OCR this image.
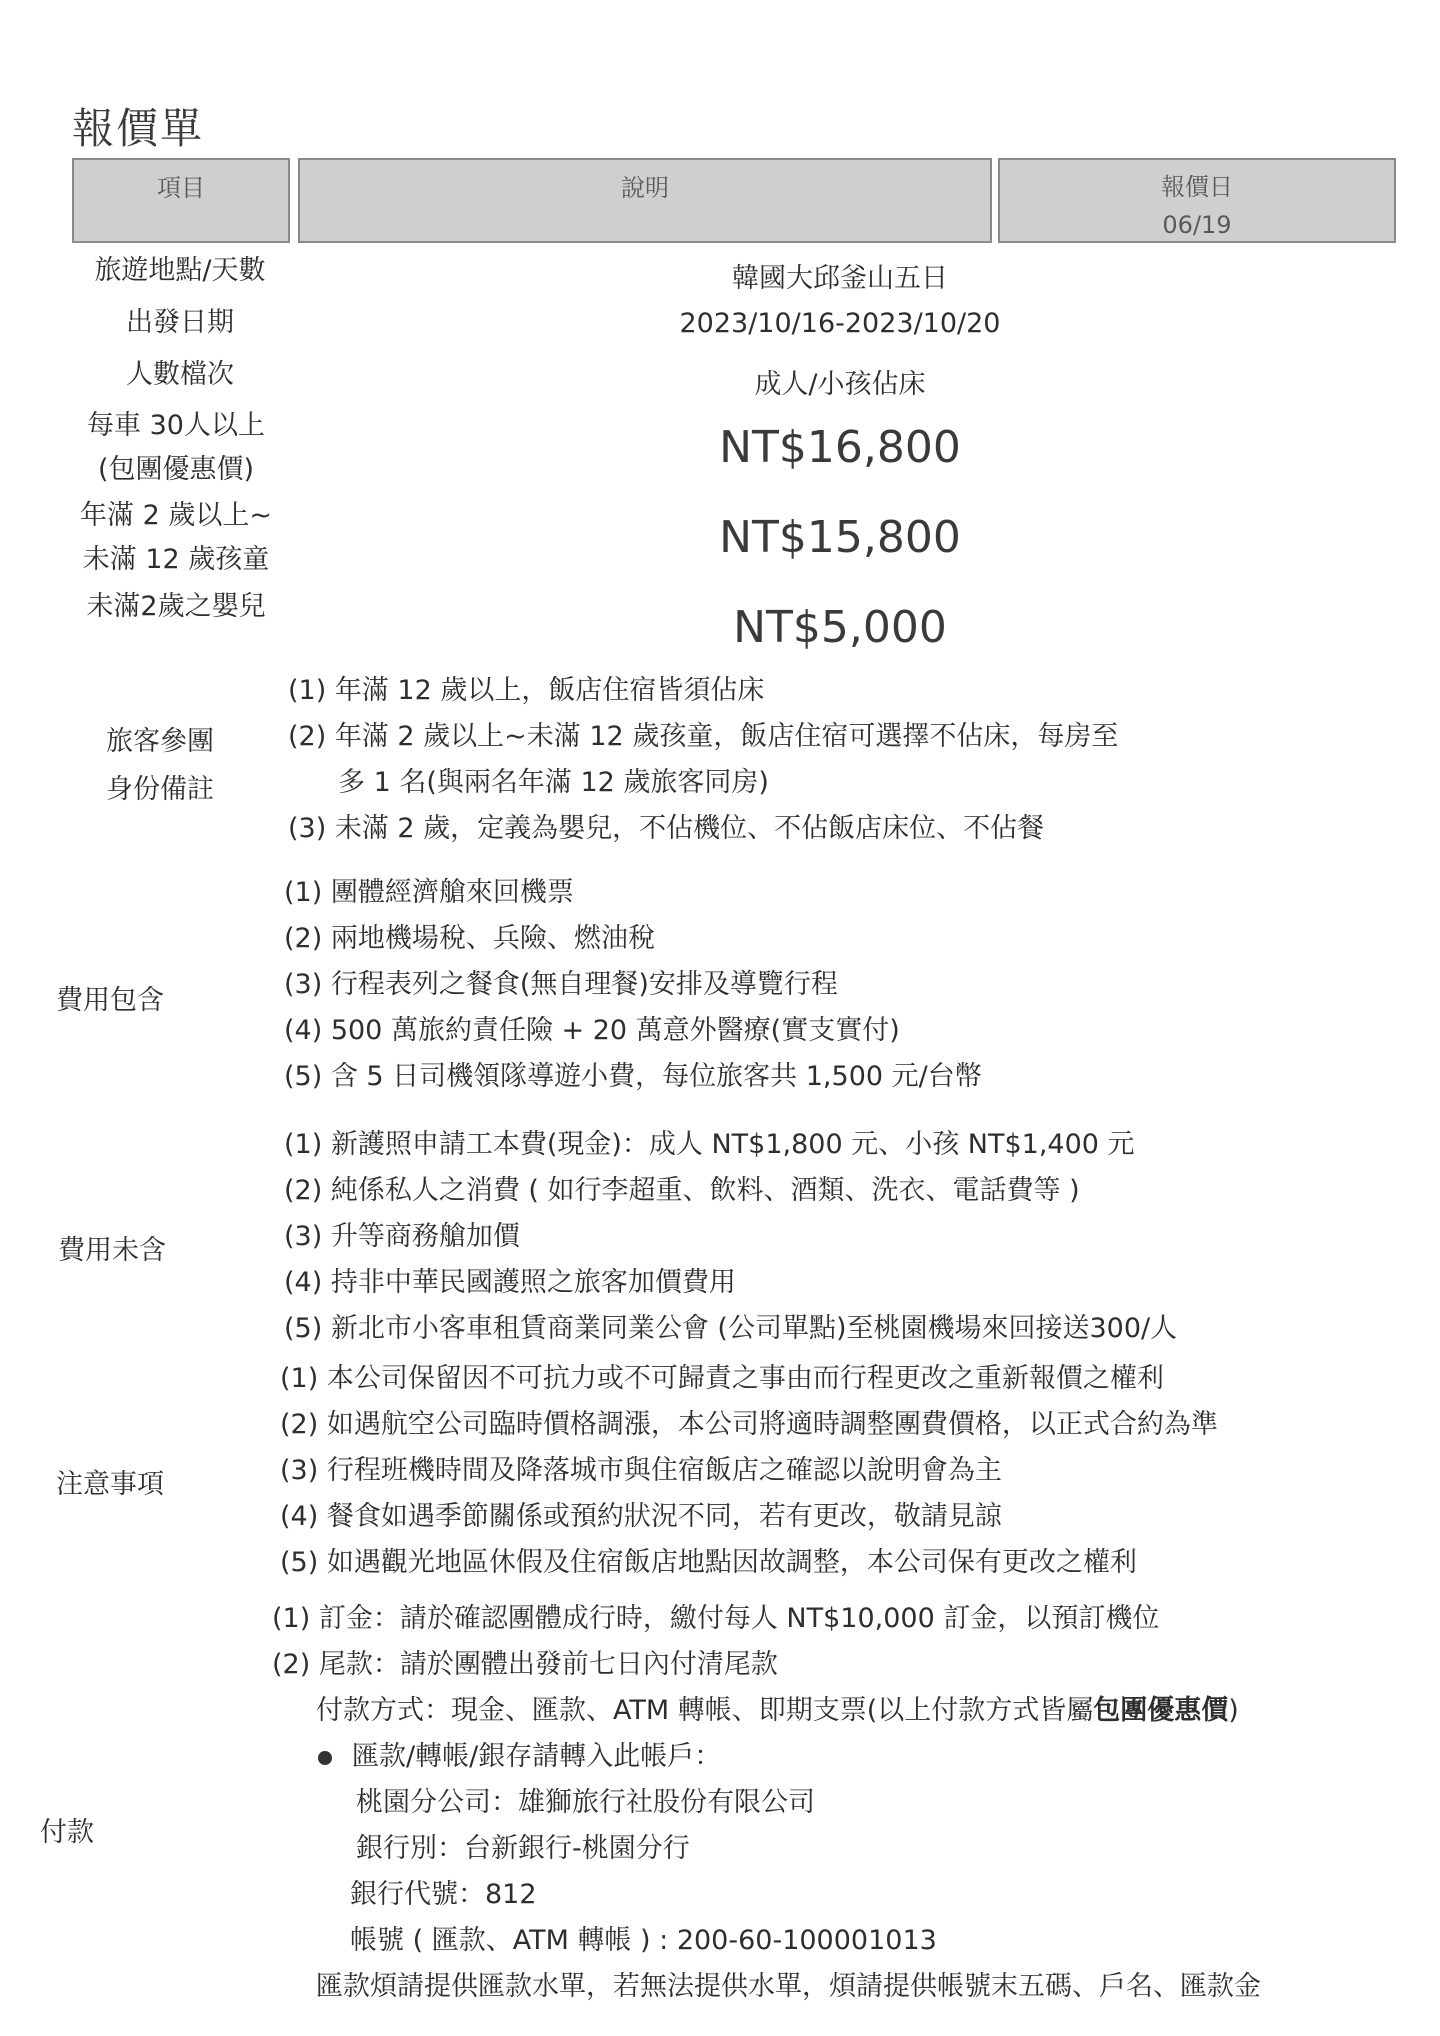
報價單
項目	說明	報價日
06/19
旅遊地點/天數	韓國大邱釜山五日
出發日期	2023/10/16-2023/10/20
人數檔次	成人/小孩佔床
每車 30人以上
(包團優惠價)	NT$16,800
年滿 2 歲以上~
未滿 12 歲孩童	NT$15,800
未滿2歲之嬰兒	NT$5,000
旅客參團
身份備註
(1) 年滿 12 歲以上，飯店住宿皆須佔床
(2) 年滿 2 歲以上~未滿 12 歲孩童，飯店住宿可選擇不佔床，每房至
多 1 名(與兩名年滿 12 歲旅客同房)
(3) 未滿 2 歲，定義為嬰兒，不佔機位、不佔飯店床位、不佔餐
費用包含
(1) 團體經濟艙來回機票
(2) 兩地機場稅、兵險、燃油稅
(3) 行程表列之餐食(無自理餐)安排及導覽行程
(4) 500 萬旅約責任險 + 20 萬意外醫療(實支實付)
(5) 含 5 日司機領隊導遊小費，每位旅客共 1,500 元/台幣
費用未含
(1) 新護照申請工本費(現金)：成人 NT$1,800 元、小孩 NT$1,400 元
(2) 純係私人之消費 ( 如行李超重、飲料、酒類、洗衣、電話費等 )
(3) 升等商務艙加價
(4) 持非中華民國護照之旅客加價費用
(5) 新北市小客車租賃商業同業公會 (公司單點)至桃園機場來回接送300/人
注意事項
(1) 本公司保留因不可抗力或不可歸責之事由而行程更改之重新報價之權利
(2) 如遇航空公司臨時價格調漲，本公司將適時調整團費價格，以正式合約為準
(3) 行程班機時間及降落城市與住宿飯店之確認以說明會為主
(4) 餐食如遇季節關係或預約狀況不同，若有更改，敬請見諒
(5) 如遇觀光地區休假及住宿飯店地點因故調整，本公司保有更改之權利
付款
(1) 訂金：請於確認團體成行時，繳付每人 NT$10,000 訂金，以預訂機位
(2) 尾款：請於團體出發前七日內付清尾款
付款方式：現金、匯款、ATM 轉帳、即期支票(以上付款方式皆屬包團優惠價)
匯款/轉帳/銀存請轉入此帳戶：
桃園分公司：雄獅旅行社股份有限公司
銀行別：台新銀行-桃園分行
銀行代號：812
帳號 ( 匯款、ATM 轉帳 ) : 200-60-100001013
匯款煩請提供匯款水單，若無法提供水單，煩請提供帳號末五碼、戶名、匯款金
